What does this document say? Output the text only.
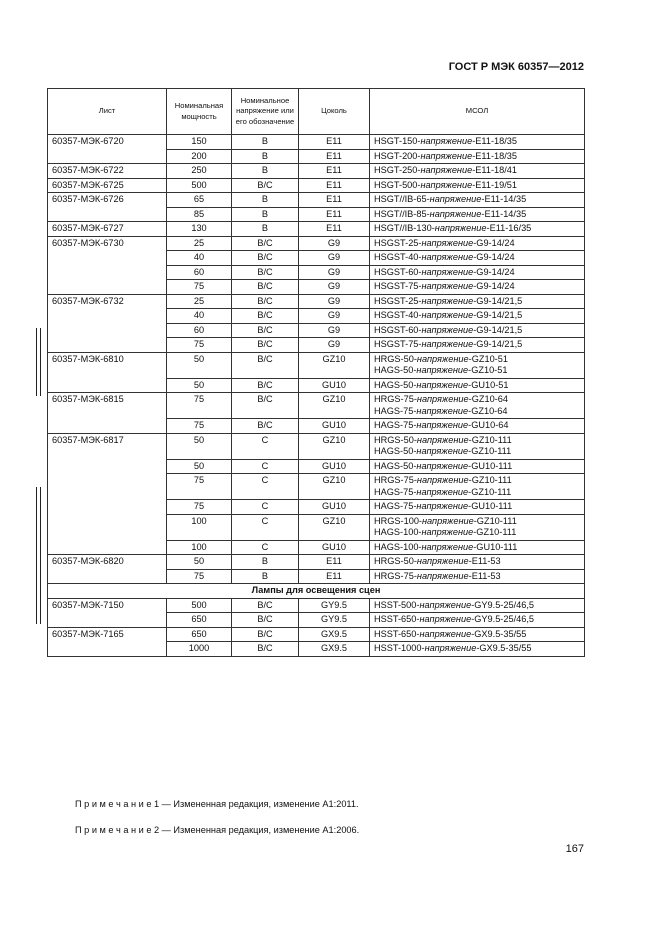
ГОСТ Р МЭК 60357—2012
Лист	Номинальная мощность	Номинальное напряжение или его обозначение	Цоколь	МСОЛ
60357-МЭК-6720	150	В	E11	HSGT-150-напряжение-E11-18/35

	200	В	E11	HSGT-200-напряжение-E11-18/35

60357-МЭК-6722	250	В	E11	HSGT-250-напряжение-E11-18/41

60357-МЭК-6725	500	В/С	E11	HSGT-500-напряжение-E11-19/51

60357-МЭК-6726	65	В	E11	HSGT//IB-65-напряжение-E11-14/35

	85	В	E11	HSGT//IB-85-напряжение-E11-14/35

60357-МЭК-6727	130	В	E11	HSGT//IB-130-напряжение-E11-16/35

60357-МЭК-6730	25	В/С	G9	HSGST-25-напряжение-G9-14/24

	40	В/С	G9	HSGST-40-напряжение-G9-14/24

	60	В/С	G9	HSGST-60-напряжение-G9-14/24

	75	В/С	G9	HSGST-75-напряжение-G9-14/24

60357-МЭК-6732	25	В/С	G9	HSGST-25-напряжение-G9-14/21,5

	40	В/С	G9	HSGST-40-напряжение-G9-14/21,5

	60	В/С	G9	HSGST-60-напряжение-G9-14/21,5

	75	В/С	G9	HSGST-75-напряжение-G9-14/21,5

60357-МЭК-6810	50	В/С	GZ10	HRGS-50-напряжение-GZ10-51
HAGS-50-напряжение-GZ10-51

	50	В/С	GU10	HAGS-50-напряжение-GU10-51

60357-МЭК-6815	75	В/С	GZ10	HRGS-75-напряжение-GZ10-64
HAGS-75-напряжение-GZ10-64

	75	В/С	GU10	HAGS-75-напряжение-GU10-64

60357-МЭК-6817	50	С	GZ10	HRGS-50-напряжение-GZ10-111
HAGS-50-напряжение-GZ10-111

	50	С	GU10	HAGS-50-напряжение-GU10-111

	75	С	GZ10	HRGS-75-напряжение-GZ10-111
HAGS-75-напряжение-GZ10-111

	75	С	GU10	HAGS-75-напряжение-GU10-111

	100	С	GZ10	HRGS-100-напряжение-GZ10-111
HAGS-100-напряжение-GZ10-111

	100	С	GU10	HAGS-100-напряжение-GU10-111

60357-МЭК-6820	50	В	E11	HRGS-50-напряжение-E11-53

	75	В	E11	HRGS-75-напряжение-E11-53

Лампы для освещения сцен				
60357-МЭК-7150	500	В/С	GY9.5	HSST-500-напряжение-GY9.5-25/46,5

	650	В/С	GY9.5	HSST-650-напряжение-GY9.5-25/46,5

60357-МЭК-7165	650	В/С	GX9.5	HSST-650-напряжение-GX9.5-35/55

	1000	В/С	GX9.5	HSST-1000-напряжение-GX9.5-35/55
П р и м е ч а н и е 1 — Измененная редакция, изменение А1:2011.
П р и м е ч а н и е 2 — Измененная редакция, изменение А1:2006.
167
